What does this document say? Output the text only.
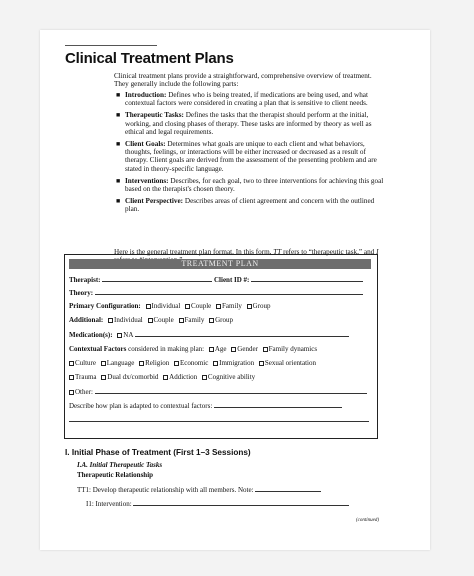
Clinical Treatment Plans
Clinical treatment plans provide a straightforward, comprehensive overview of treatment. They generally include the following parts:
■ Introduction: Defines who is being treated, if medications are being used, and what contextual factors were considered in creating a plan that is sensitive to client needs.
■ Therapeutic Tasks: Defines the tasks that the therapist should perform at the initial, working, and closing phases of therapy. These tasks are informed by theory as well as ethical and legal requirements.
■ Client Goals: Determines what goals are unique to each client and what behaviors, thoughts, feelings, or interactions will be either increased or decreased as a result of therapy. Client goals are derived from the assessment of the presenting problem and are stated in theory-specific language.
■ Interventions: Describes, for each goal, two to three interventions for achieving this goal based on the therapist's chosen theory.
■ Client Perspective: Describes areas of client agreement and concern with the outlined plan.
Here is the general treatment plan format. In this form, TT refers to “therapeutic task,” and I
TREATMENT PLAN
Therapist:	Client ID #:
Theory:
Primary Configuration: Individual Couple Family Group
Additional: Individual Couple Family Group
Medication(s): NA
Contextual Factors considered in making plan: Age Gender Family dynamics
Culture Language Religion Economic Immigration Sexual orientation
Trauma Dual dx/comorbid Addiction Cognitive ability
Other:
Describe how plan is adapted to contextual factors:
I. Initial Phase of Treatment (First 1–3 Sessions)
I.A. Initial Therapeutic Tasks
Therapeutic Relationship
TT1: Develop therapeutic relationship with all members. Note:
I1: Intervention:
(continued)
